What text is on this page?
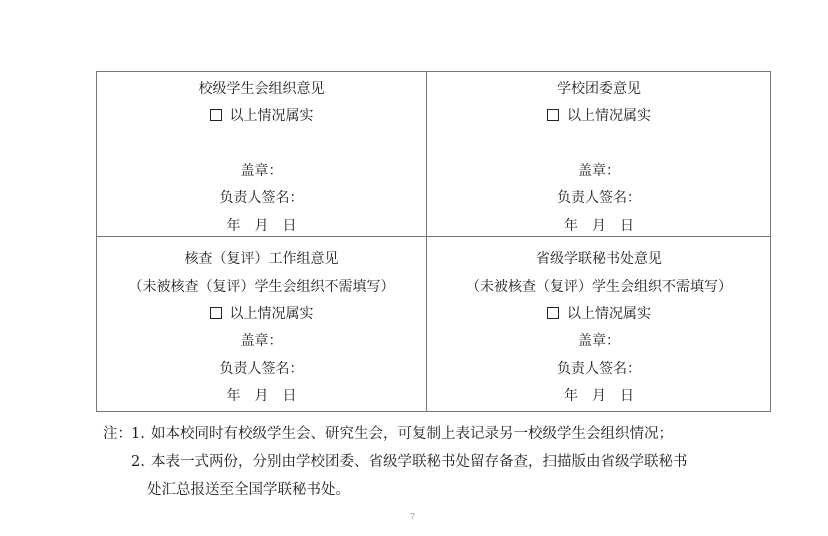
校级学生会组织意见
以上情况属实
盖章：
负责人签名：
年　月　日
学校团委意见
以上情况属实
盖章：
负责人签名：
年　月　日
核查（复评）工作组意见
（未被核查（复评）学生会组织不需填写）
以上情况属实
盖章：
负责人签名：
年　月　日
省级学联秘书处意见
（未被核查（复评）学生会组织不需填写）
以上情况属实
盖章：
负责人签名：
年　月　日
注： 1. 如本校同时有校级学生会、研究生会，可复制上表记录另一校级学生会组织情况；
2. 本表一式两份，分别由学校团委、省级学联秘书处留存备查，扫描版由省级学联秘书
处汇总报送至全国学联秘书处。
7
